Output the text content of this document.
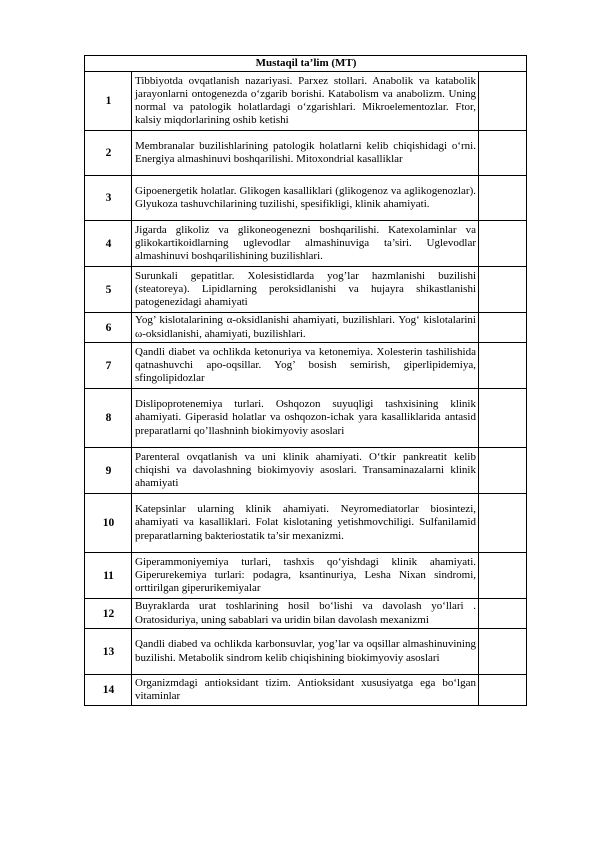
Mustaqil ta’lim (MT)		
1	Tibbiyotda ovqatlanish nazariyasi. Parxez stollari. Anabolik va katabolik jarayonlarni ontogenezda o‘zgarib borishi. Katabolism va anabolizm. Uning normal va patologik holatlardagi o‘zgarishlari. Mikroelementozlar. Ftor, kalsiy miqdorlarining oshib ketishi	
2	Membranalar buzilishlarining patologik holatlarni kelib chiqishidagi o‘rni. Energiya almashinuvi boshqarilishi. Mitoxondrial kasalliklar	
3	Gipoenergetik holatlar. Glikogen kasalliklari (glikogenoz va aglikogenozlar). Glyukoza tashuvchilarining tuzilishi, spesifikligi, klinik ahamiyati.	
4	Jigarda glikoliz va glikoneogenezni boshqarilishi. Katexolaminlar va glikokartikoidlarning uglevodlar almashinuviga ta’siri. Uglevodlar almashinuvi boshqarilishining buzilishlari.	
5	Surunkali gepatitlar. Xolesistidlarda yog’lar hazmlanishi buzilishi (steatoreya). Lipidlarning peroksidlanishi va hujayra shikastlanishi patogenezidagi ahamiyati	
6	Yog’ kislotalarining α-oksidlanishi ahamiyati, buzilishlari. Yog‘ kislotalarini ω-oksidlanishi, ahamiyati, buzilishlari.	
7	Qandli diabet va ochlikda ketonuriya va ketonemiya. Xolesterin tashilishida qatnashuvchi apo-oqsillar. Yog’ bosish semirish, giperlipidemiya, sfingolipidozlar	
8	Dislipoprotenemiya turlari. Oshqozon suyuqligi tashxisining klinik ahamiyati. Giperasid holatlar va oshqozon-ichak yara kasalliklarida antasid preparatlarni qo’llashninh biokimyoviy asoslari	
9	Parenteral ovqatlanish va uni klinik ahamiyati. O‘tkir pankreatit kelib chiqishi va davolashning biokimyoviy asoslari. Transaminazalarni klinik ahamiyati	
10	Katepsinlar ularning klinik ahamiyati. Neyromediatorlar biosintezi, ahamiyati va kasalliklari. Folat kislotaning yetishmovchiligi. Sulfanilamid preparatlarning bakteriostatik ta’sir mexanizmi.	
11	Giperammoniyemiya turlari, tashxis qo‘yishdagi klinik ahamiyati. Giperurekemiya turlari: podagra, ksantinuriya, Lesha Nixan sindromi, orttirilgan giperurikemiyalar	
12	Buyraklarda urat toshlarining hosil bo‘lishi va davolash yo‘llari . Oratosiduriya, uning sabablari va uridin bilan davolash mexanizmi	
13	Qandli diabed va ochlikda karbonsuvlar, yog’lar va oqsillar almashinuvining buzilishi. Metabolik sindrom kelib chiqishining biokimyoviy asoslari	
14	Organizmdagi antioksidant tizim. Antioksidant xususiyatga ega bo‘lgan vitaminlar	
